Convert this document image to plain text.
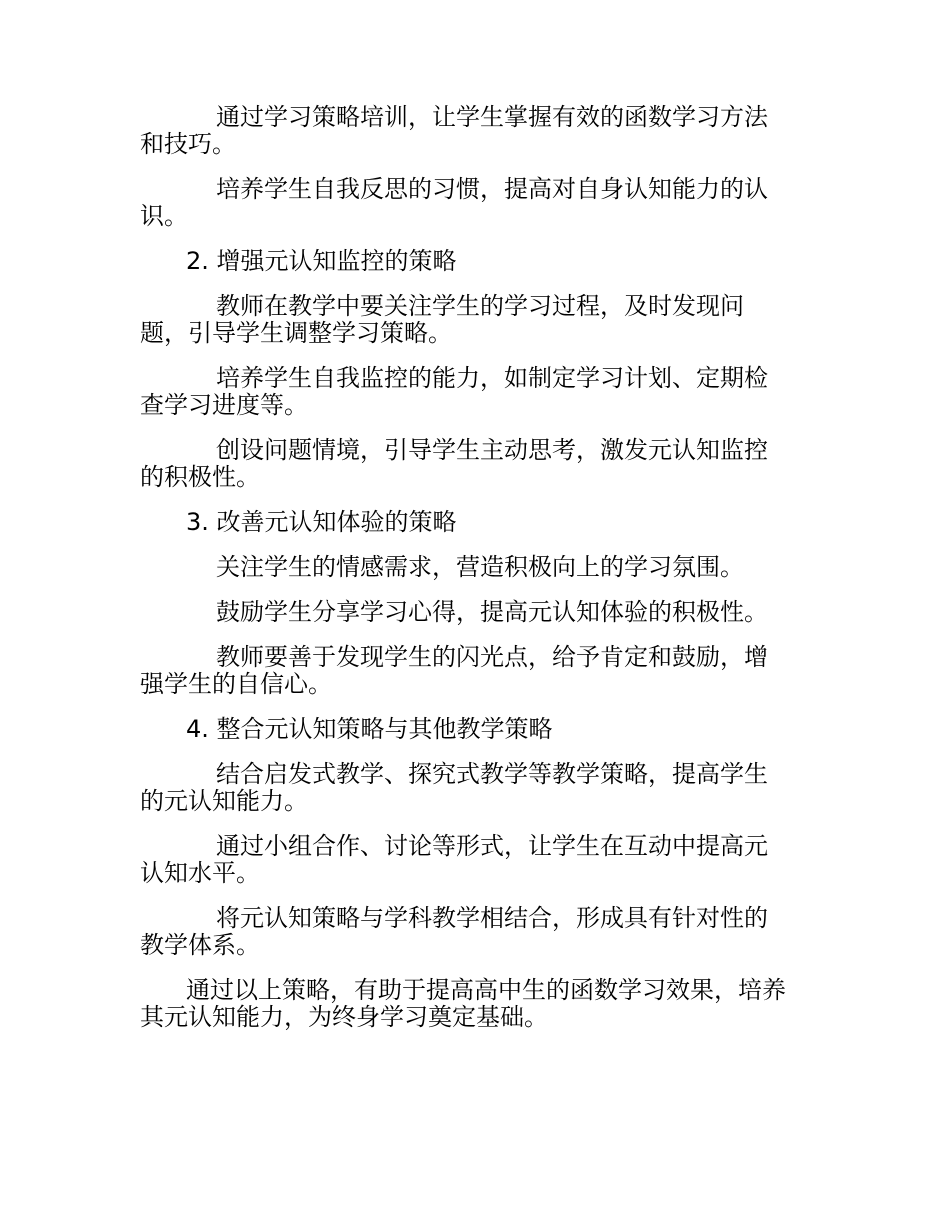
通过学习策略培训，让学生掌握有效的函数学习方法
和技巧。

培养学生自我反思的习惯，提高对自身认知能力的认
识。

2. 增强元认知监控的策略

教师在教学中要关注学生的学习过程，及时发现问
题，引导学生调整学习策略。

培养学生自我监控的能力，如制定学习计划、定期检
查学习进度等。

创设问题情境，引导学生主动思考，激发元认知监控
的积极性。

3. 改善元认知体验的策略

关注学生的情感需求，营造积极向上的学习氛围。

鼓励学生分享学习心得，提高元认知体验的积极性。

教师要善于发现学生的闪光点，给予肯定和鼓励，增
强学生的自信心。

4. 整合元认知策略与其他教学策略

结合启发式教学、探究式教学等教学策略，提高学生
的元认知能力。

通过小组合作、讨论等形式，让学生在互动中提高元
认知水平。

将元认知策略与学科教学相结合，形成具有针对性的
教学体系。

通过以上策略，有助于提高高中生的函数学习效果，培养
其元认知能力，为终身学习奠定基础。
